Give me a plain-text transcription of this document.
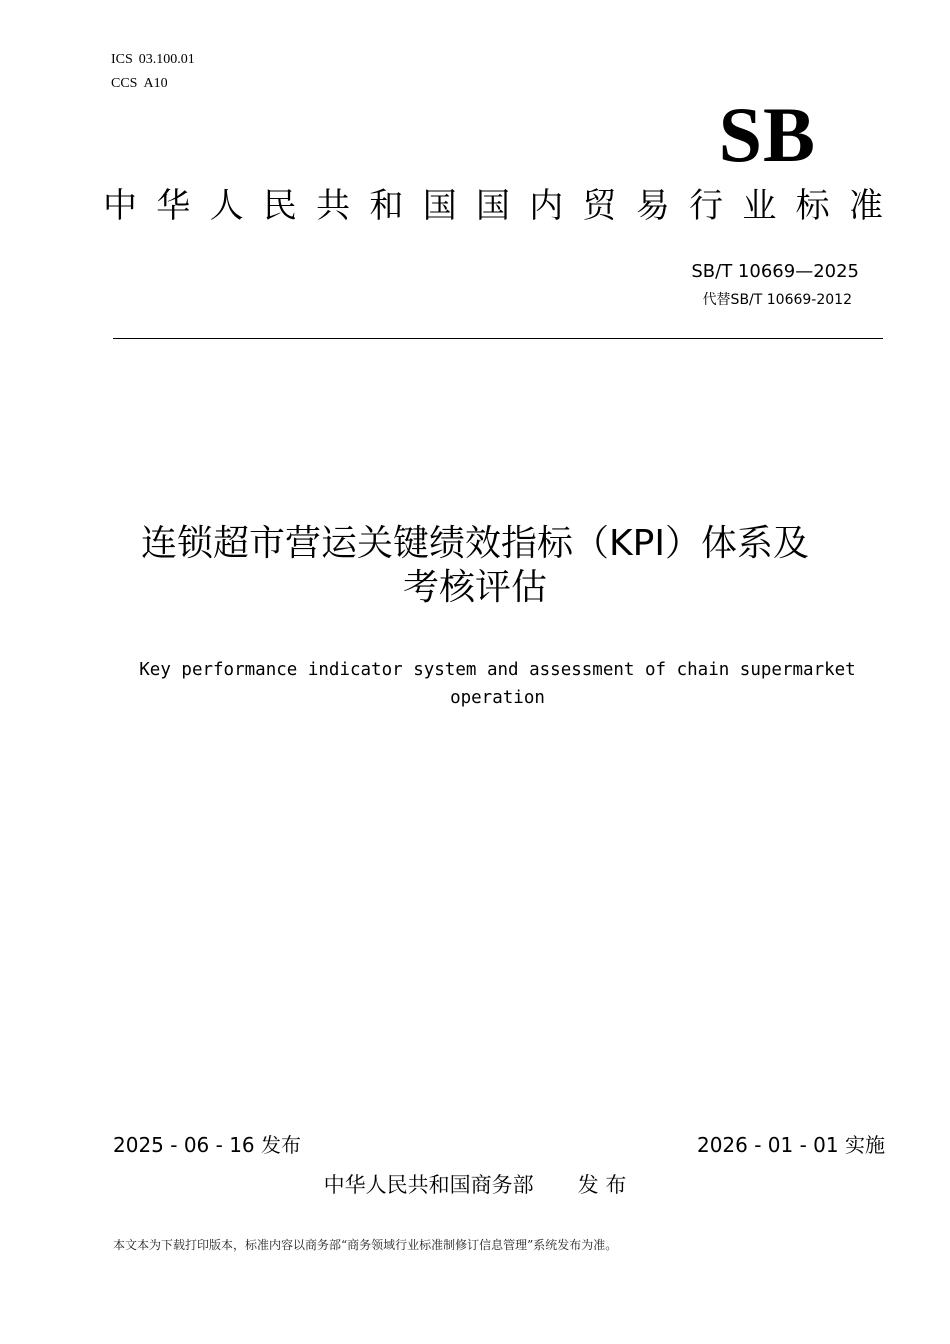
ICS 03.100.01
CCS A10
SB
中 华 人 民 共 和 国 国 内 贸 易 行 业 标 准
SB/T 10669—2025
代替SB/T 10669-2012
连锁超市营运关键绩效指标（KPI）体系及
考核评估
Key performance indicator system and assessment of chain supermarket
operation
2025 - 06 - 16 发布	2026 - 01 - 01 实施
中华人民共和国商务部 发 布
本文本为下载打印版本，标准内容以商务部“商务领域行业标准制修订信息管理”系统发布为准。
